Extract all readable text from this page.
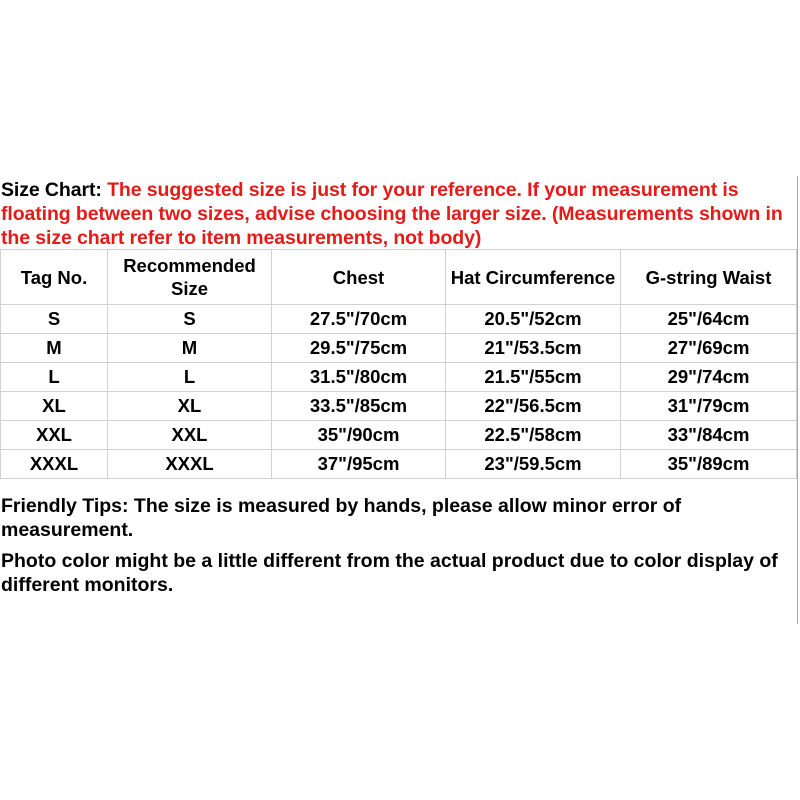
Size Chart: The suggested size is just for your reference. If your measurement is floating between two sizes, advise choosing the larger size. (Measurements shown in the size chart refer to item measurements, not body)
Tag No.	Recommended Size	Chest	Hat Circumference	G-string Waist
S	S	27.5"/70cm	20.5"/52cm	25"/64cm
M	M	29.5"/75cm	21"/53.5cm	27"/69cm
L	L	31.5"/80cm	21.5"/55cm	29"/74cm
XL	XL	33.5"/85cm	22"/56.5cm	31"/79cm
XXL	XXL	35"/90cm	22.5"/58cm	33"/84cm
XXXL	XXXL	37"/95cm	23"/59.5cm	35"/89cm
Friendly Tips: The size is measured by hands, please allow minor error of measurement.
Photo color might be a little different from the actual product due to color display of different monitors.
